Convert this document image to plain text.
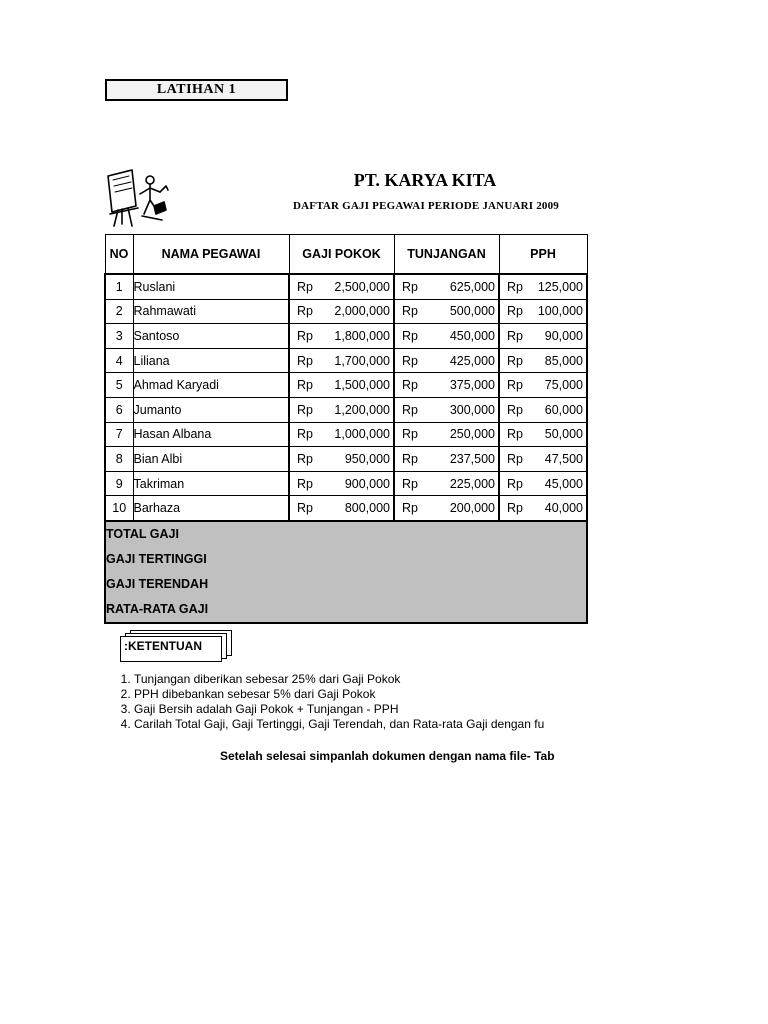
LATIHAN 1
PT. KARYA KITA
DAFTAR GAJI PEGAWAI PERIODE JANUARI 2009
NO	NAMA PEGAWAI	GAJI POKOK	TUNJANGAN	PPH
1	Ruslani	Rp 2,500,000	Rp 625,000	Rp 125,000

2	Rahmawati	Rp 2,000,000	Rp 500,000	Rp 100,000

3	Santoso	Rp 1,800,000	Rp 450,000	Rp 90,000

4	Liliana	Rp 1,700,000	Rp 425,000	Rp 85,000

5	Ahmad Karyadi	Rp 1,500,000	Rp 375,000	Rp 75,000

6	Jumanto	Rp 1,200,000	Rp 300,000	Rp 60,000

7	Hasan Albana	Rp 1,000,000	Rp 250,000	Rp 50,000

8	Bian Albi	Rp 950,000	Rp 237,500	Rp 47,500

9	Takriman	Rp 900,000	Rp 225,000	Rp 45,000

10	Barhaza	Rp 800,000	Rp 200,000	Rp 40,000

TOTAL GAJI				
GAJI TERTINGGI				
GAJI TERENDAH				
RATA-RATA GAJI				
:KETENTUAN
1. Tunjangan diberikan sebesar 25% dari Gaji Pokok
2. PPH dibebankan sebesar 5% dari Gaji Pokok
3. Gaji Bersih adalah Gaji Pokok + Tunjangan - PPH
4. Carilah Total Gaji, Gaji Tertinggi, Gaji Terendah, dan Rata-rata Gaji dengan fu
Setelah selesai simpanlah dokumen dengan nama file- Tab
